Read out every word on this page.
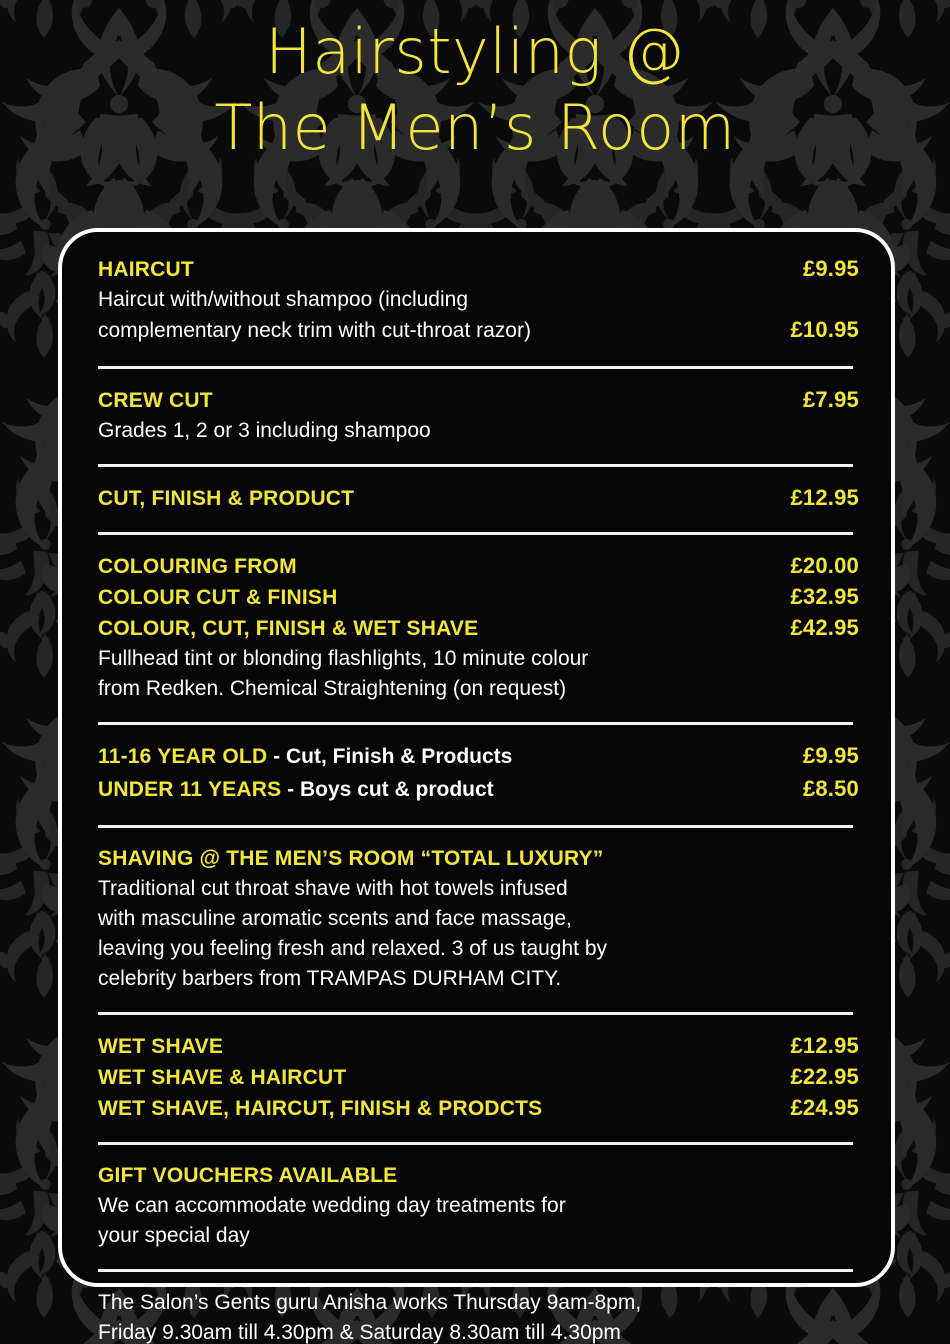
Hairstyling @
The Men’s Room
HAIRCUT	£9.95
Haircut with/without shampoo (including
complementary neck trim with cut-throat razor)	£10.95
CREW CUT	£7.95
Grades 1, 2 or 3 including shampoo
CUT, FINISH & PRODUCT	£12.95
COLOURING FROM	£20.00
COLOUR CUT & FINISH	£32.95
COLOUR, CUT, FINISH & WET SHAVE	£42.95
Fullhead tint or blonding flashlights, 10 minute colour
from Redken. Chemical Straightening (on request)
11-16 YEAR OLD - Cut, Finish & Products	£9.95
UNDER 11 YEARS - Boys cut & product	£8.50
SHAVING @ THE MEN’S ROOM “TOTAL LUXURY”
Traditional cut throat shave with hot towels infused
with masculine aromatic scents and face massage,
leaving you feeling fresh and relaxed. 3 of us taught by
celebrity barbers from TRAMPAS DURHAM CITY.
WET SHAVE	£12.95
WET SHAVE & HAIRCUT	£22.95
WET SHAVE, HAIRCUT, FINISH & PRODCTS	£24.95
GIFT VOUCHERS AVAILABLE
We can accommodate wedding day treatments for
your special day
The Salon’s Gents guru Anisha works Thursday 9am-8pm,
Friday 9.30am till 4.30pm & Saturday 8.30am till 4.30pm
